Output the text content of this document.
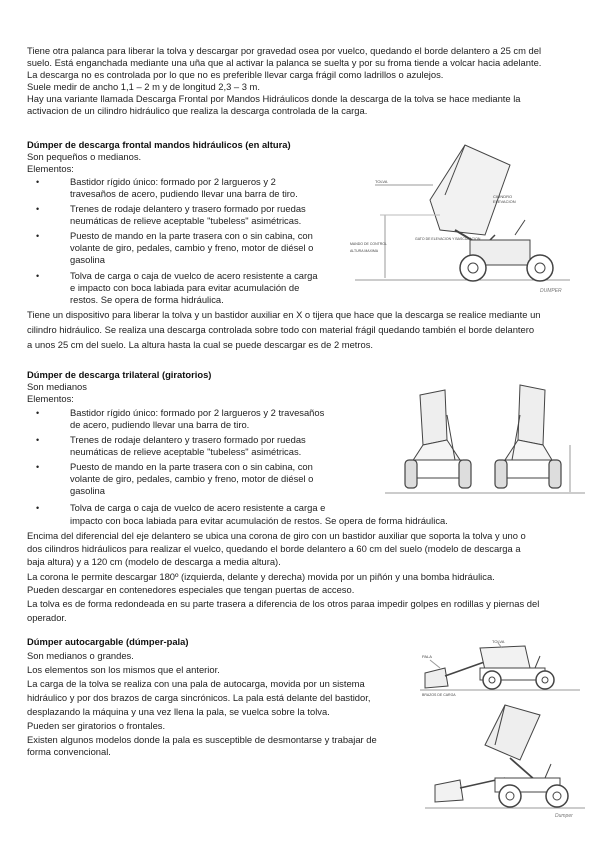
Tiene otra palanca para liberar la tolva y descargar por gravedad osea por vuelco, quedando el borde delantero a 25 cm del
suelo. Está enganchada mediante una uña que al activar la palanca se suelta y por su froma tiende a volcar hacia adelante.
La descarga no es controlada por lo que no es preferible llevar carga frágil como ladrillos o azulejos.
Suele medir de ancho 1,1 – 2 m y de longitud 2,3 – 3 m.
Hay una variante llamada Descarga Frontal por Mandos Hidráulicos donde la descarga de la tolva se hace mediante la
activacion de un cilindro hidráulico que realiza la descarga controlada de la carga.
Dúmper de descarga frontal mandos hidráulicos (en altura)
Son pequeños o medianos.
Elementos:
•	Bastidor rígido único: formado por 2 largueros y 2
travesaños de acero, pudiendo llevar una barra de tiro.
•	Trenes de rodaje delantero y trasero formado por ruedas
neumáticas de relieve aceptable "tubeless" asimétricas.
•	Puesto de mando en la parte trasera con o sin cabina, con
volante de giro, pedales, cambio y freno, motor de diésel o
gasolina
•	Tolva de carga o caja de vuelco de acero resistente a carga
e impacto con boca labiada para evitar acumulación de
restos. Se opera de forma hidráulica.
Tiene un dispositivo para liberar la tolva y un bastidor auxiliar en X o tijera que hace que la descarga se realice mediante un
cilindro hidráulico. Se realiza una descarga controlada sobre todo con material frágil quedando también el borde delantero
a unos 25 cm del suelo. La altura hasta la cual se puede descargar es de 2 metros.
TOLVA
CILINDRO
ELEVACION
GATO DE ELEVACION Y BASCULACION
MANDO DE CONTROL
ALTURA MAXIMA
DUMPER
Dúmper de descarga trilateral (giratorios)
Son medianos
Elementos:
•	Bastidor rígido único: formado por 2 largueros y 2 travesaños
de acero, pudiendo llevar una barra de tiro.
•	Trenes de rodaje delantero y trasero formado por ruedas
neumáticas de relieve aceptable "tubeless" asimétricas.
•	Puesto de mando en la parte trasera con o sin cabina, con
volante de giro, pedales, cambio y freno, motor de diésel o
gasolina
•	Tolva de carga o caja de vuelco de acero resistente a carga e
impacto con boca labiada para evitar acumulación de restos. Se opera de forma hidráulica.
Encima del diferencial del eje delantero se ubica una corona de giro con un bastidor auxiliar que soporta la tolva y uno o
dos cilindros hidráulicos para realizar el vuelco, quedando el borde delantero a 60 cm del suelo (modelo de descarga a
baja altura) y a 120 cm (modelo de descarga a media altura).
La corona le permite descargar 180º (izquierda, delante y derecha) movida por un piñón y una bomba hidráulica.
Pueden descargar en contenedores especiales que tengan puertas de acceso.
La tolva es de forma redondeada en su parte trasera a diferencia de los otros paraa impedir golpes en rodillas y piernas del
operador.
Dúmper autocargable (dúmper-pala)
Son medianos o grandes.
Los elementos son los mismos que el anterior.
La carga de la tolva se realiza con una pala de autocarga, movida por un sistema
hidráulico y por dos brazos de carga sincrónicos. La pala está delante del bastidor,
desplazando la máquina y una vez llena la pala, se vuelca sobre la tolva.
Pueden ser giratorios o frontales.
Existen algunos modelos donde la pala es susceptible de desmontarse y trabajar de
forma convencional.
PALA
TOLVA
BRAZOS DE CARGA
Dumper
